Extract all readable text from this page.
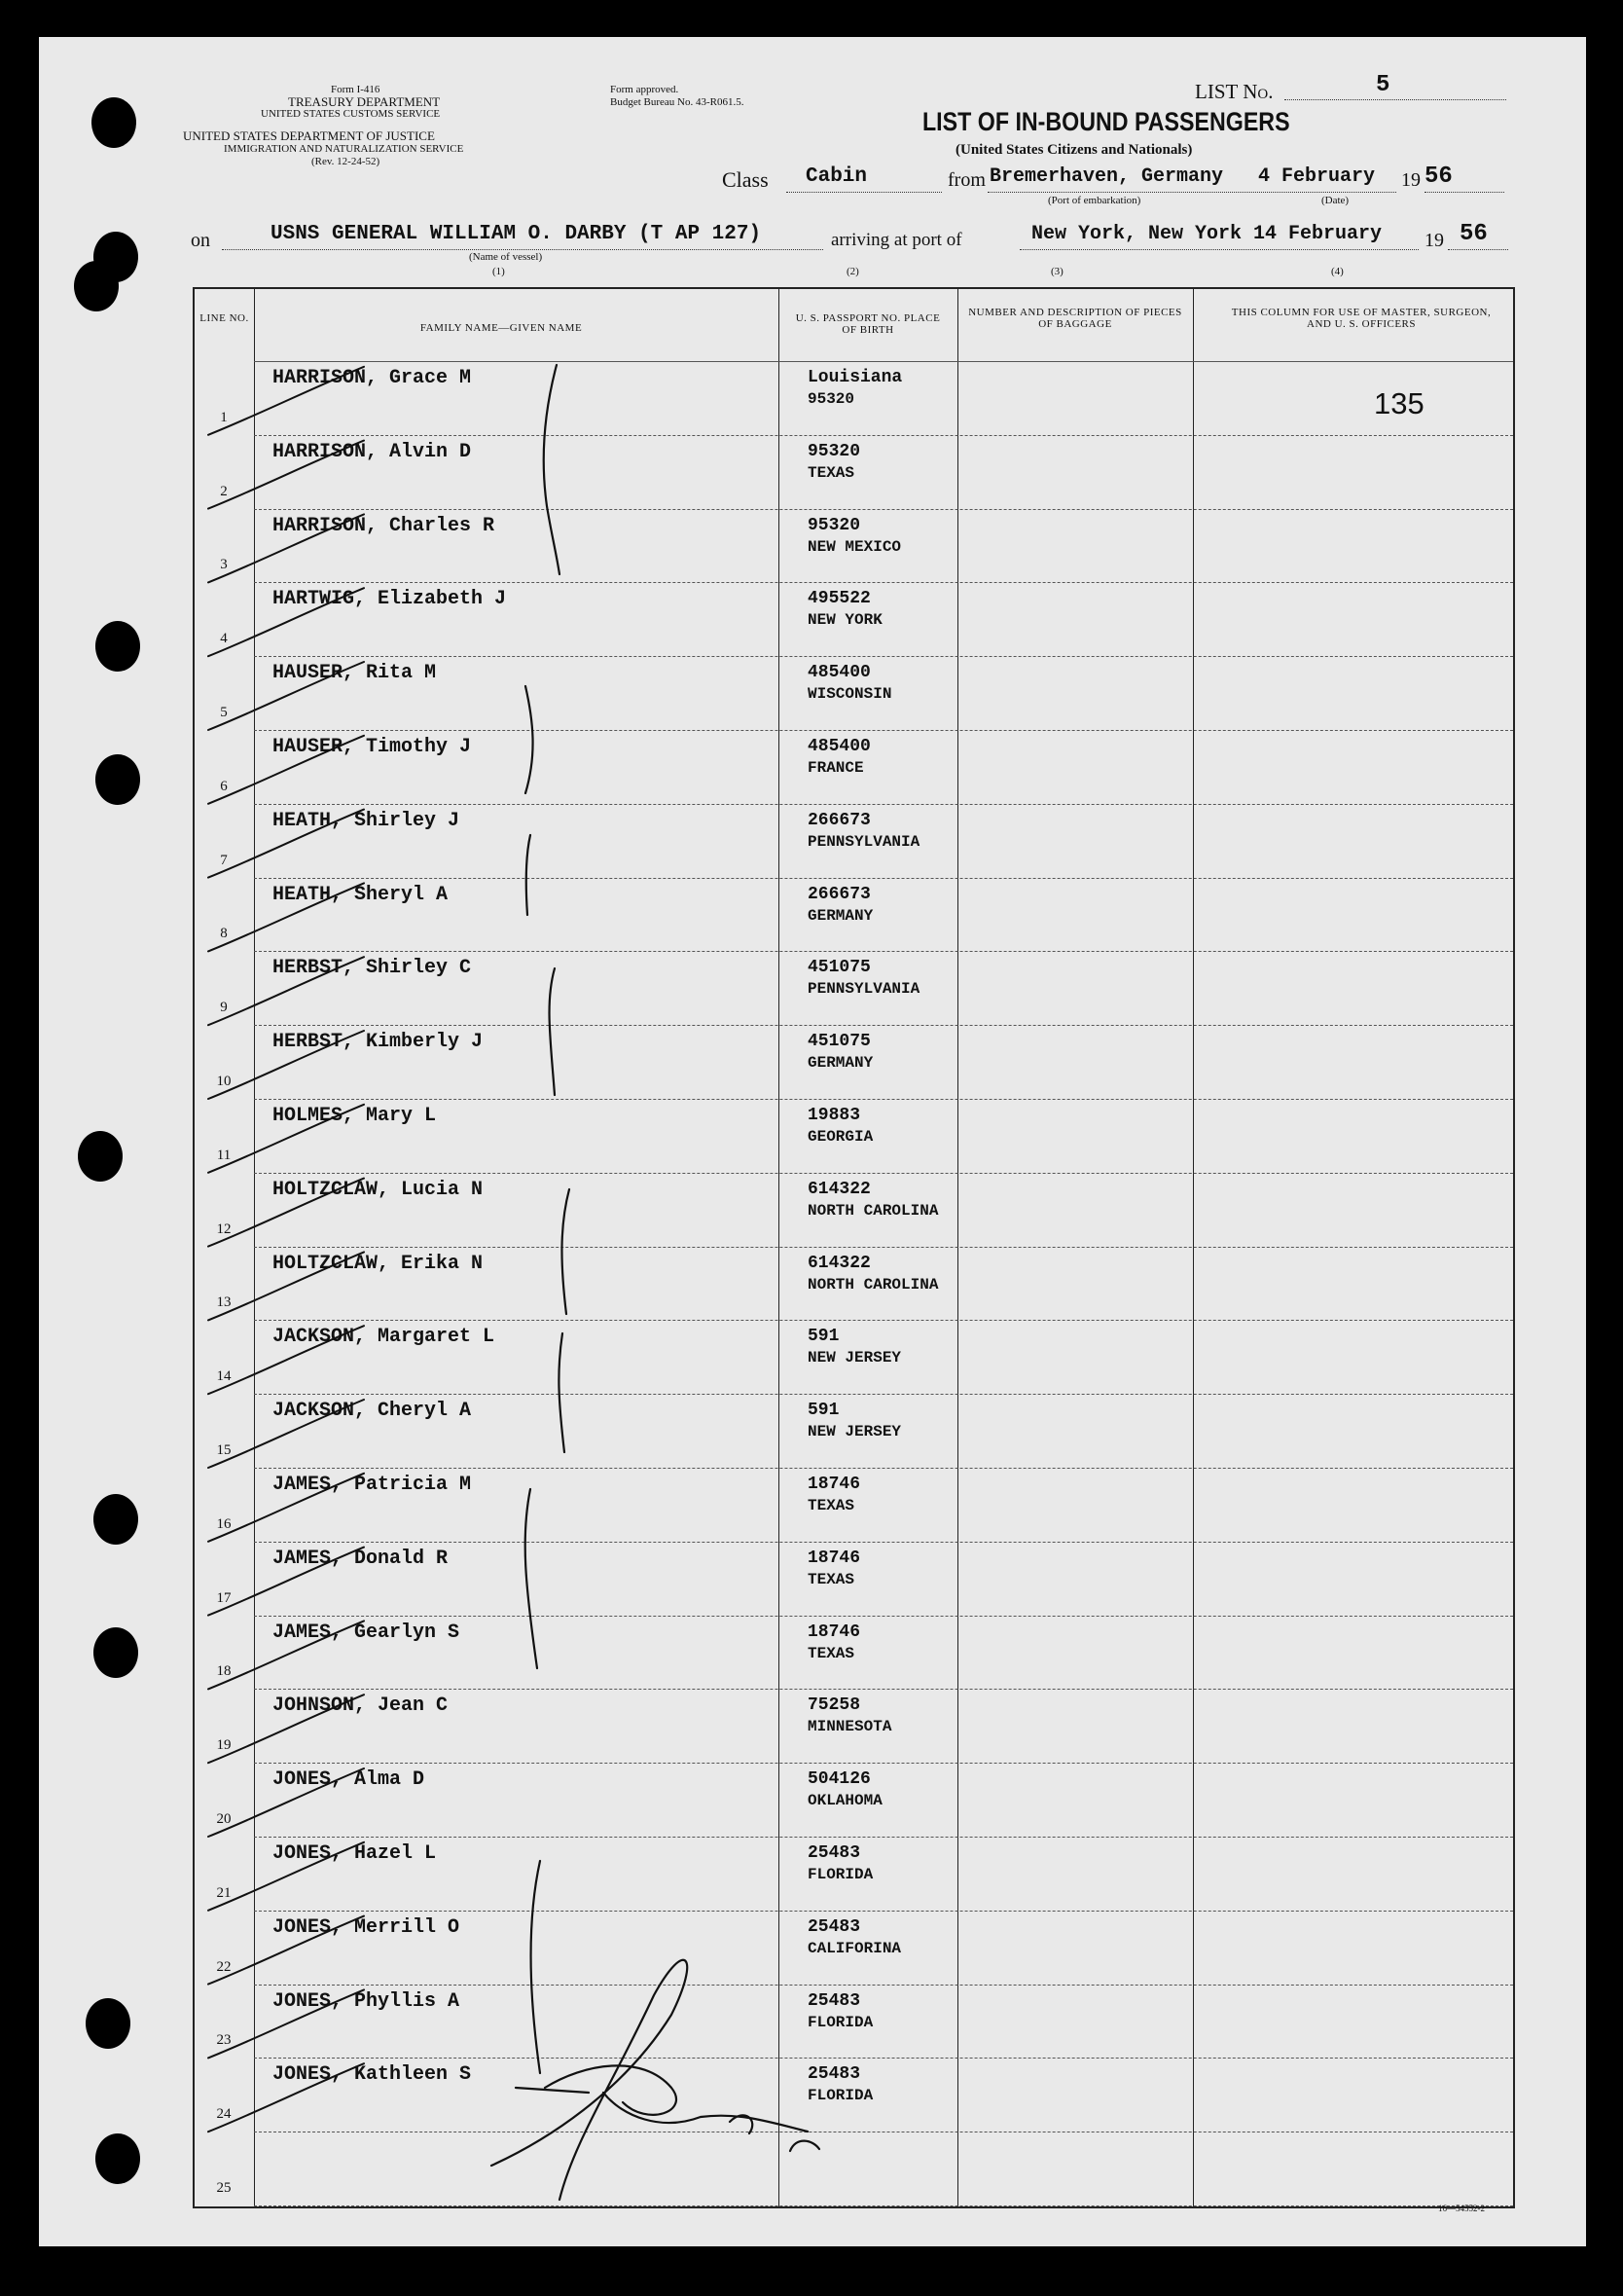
Form I-416
TREASURY DEPARTMENT
UNITED STATES CUSTOMS SERVICE
UNITED STATES DEPARTMENT OF JUSTICE
IMMIGRATION AND NATURALIZATION SERVICE
(Rev. 12-24-52)
Form approved.
Budget Bureau No. 43-R061.5.	LIST No.	5
LIST OF IN-BOUND PASSENGERS
(United States Citizens and Nationals)
Class Cabin	from Bremerhaven, Germany 4 February 19 56
(Port of embarkation)	(Date)
on	USNS GENERAL WILLIAM O. DARBY (T AP 127)	arriving at port of	New York, New York 14 February 19 56
(Name of vessel)
(1)	(2)	(3)	(4)
LINE NO.
FAMILY NAME—GIVEN NAME
U. S. PASSPORT NO. PLACE OF BIRTH
NUMBER AND DESCRIPTION OF PIECES OF BAGGAGE
THIS COLUMN FOR USE OF MASTER, SURGEON, AND U. S. OFFICERS
135
1
HARRISON, Grace M	Louisiana
95320
2
HARRISON, Alvin D	95320
TEXAS
3
HARRISON, Charles R	95320
NEW MEXICO
4
HARTWIG, Elizabeth J	495522
NEW YORK
5
HAUSER, Rita M	485400
WISCONSIN
6
HAUSER, Timothy J	485400
FRANCE
7
HEATH, Shirley J	266673
PENNSYLVANIA
8
HEATH, Sheryl A	266673
GERMANY
9
HERBST, Shirley C	451075
PENNSYLVANIA
10
HERBST, Kimberly J	451075
GERMANY
11
HOLMES, Mary L	19883
GEORGIA
12
HOLTZCLAW, Lucia N	614322
NORTH CAROLINA
13
HOLTZCLAW, Erika N	614322
NORTH CAROLINA
14
JACKSON, Margaret L	591
NEW JERSEY
15
JACKSON, Cheryl A	591
NEW JERSEY
16
JAMES, Patricia M	18746
TEXAS
17
JAMES, Donald R	18746
TEXAS
18
JAMES, Gearlyn S	18746
TEXAS
19
JOHNSON, Jean C	75258
MINNESOTA
20
JONES, Alma D	504126
OKLAHOMA
21
JONES, Hazel L	25483
FLORIDA
22
JONES, Merrill O	25483
CALIFORINA
23
JONES, Phyllis A	25483
FLORIDA
24
JONES, Kathleen S	25483
FLORIDA
25
16—54552-2
